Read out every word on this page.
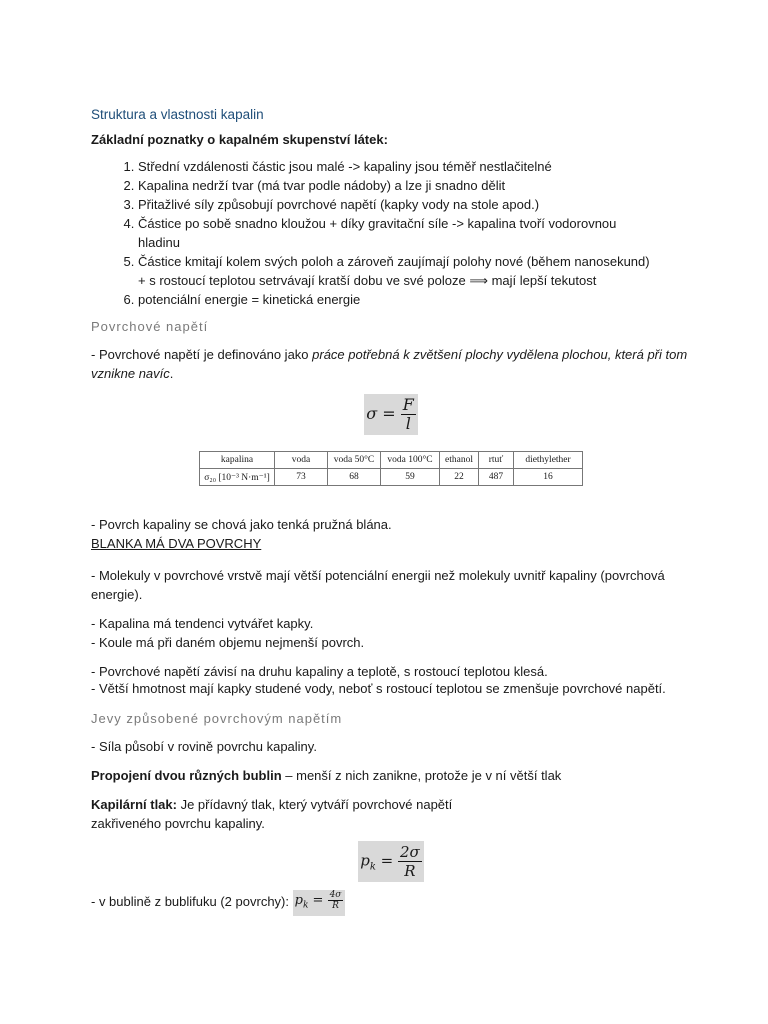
Struktura a vlastnosti kapalin
Základní poznatky o kapalném skupenství látek:
1. Střední vzdálenosti částic jsou malé -> kapaliny jsou téměř nestlačitelné
2. Kapalina nedrží tvar (má tvar podle nádoby) a lze ji snadno dělit
3. Přitažlivé síly způsobují povrchové napětí (kapky vody na stole apod.)
4. Částice po sobě snadno kloužou + díky gravitační síle -> kapalina tvoří vodorovnou
hladinu
5. Částice kmitají kolem svých poloh a zároveň zaujímají polohy nové (během nanosekund)
+ s rostoucí teplotou setrvávají kratší dobu ve své poloze ⟹ mají lepší tekutost
6. potenciální energie = kinetická energie
Povrchové napětí
- Povrchové napětí je definováno jako práce potřebná k zvětšení plochy vydělena plochou, která při tom vznikne navíc.
$\sigma = \frac{F}{l}$
kapalina	voda	voda 50°C	voda 100°C	ethanol	rtuť	diethylether
σ₂₀ [10⁻³ N·m⁻¹]	73	68	59	22	487	16
- Povrch kapaliny se chová jako tenká pružná blána.
BLANKA MÁ DVA POVRCHY
- Molekuly v povrchové vrstvě mají větší potenciální energii než molekuly uvnitř kapaliny (povrchová energie).
- Kapalina má tendenci vytvářet kapky.
- Koule má při daném objemu nejmenší povrch.
- Povrchové napětí závisí na druhu kapaliny a teplotě, s rostoucí teplotou klesá.
- Větší hmotnost mají kapky studené vody, neboť s rostoucí teplotou se zmenšuje povrchové napětí.
Jevy způsobené povrchovým napětím
- Síla působí v rovině povrchu kapaliny.
Propojení dvou různých bublin – menší z nich zanikne, protože je v ní větší tlak
Kapilární tlak: Je přídavný tlak, který vytváří povrchové napětí
zakřiveného povrchu kapaliny.
$p_k = \frac{2\sigma}{R}$
- v bublině z bublifuku (2 povrchy): $p_k = \frac{4\sigma}{R}$
